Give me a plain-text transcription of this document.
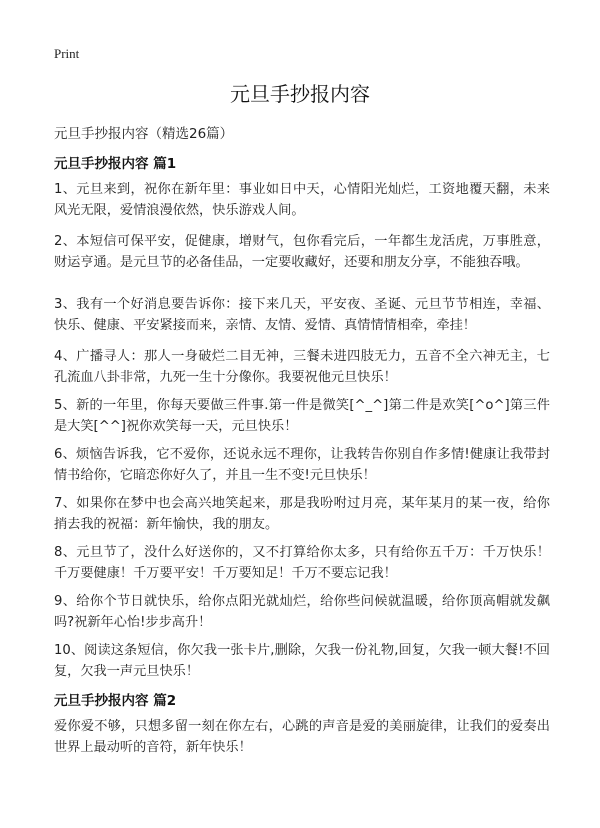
Print
元旦手抄报内容
元旦手抄报内容（精选26篇）
元旦手抄报内容 篇1

1、元旦来到，祝你在新年里：事业如日中天，心情阳光灿烂，工资地覆天翻，未来风光无限，爱情浪漫依然，快乐游戏人间。

2、本短信可保平安，促健康，增财气，包你看完后，一年都生龙活虎，万事胜意，财运亨通。是元旦节的必备佳品，一定要收藏好，还要和朋友分享，不能独吞哦。

3、我有一个好消息要告诉你：接下来几天，平安夜、圣诞、元旦节节相连，幸福、快乐、健康、平安紧接而来，亲情、友情、爱情、真情情情相牵，牵挂！

4、广播寻人：那人一身破烂二目无神，三餐未进四肢无力，五音不全六神无主，七孔流血八卦非常，九死一生十分像你。我要祝他元旦快乐！

5、新的一年里，你每天要做三件事.第一件是微笑[^_^]第二件是欢笑[^o^]第三件是大笑[^^]祝你欢笑每一天，元旦快乐！

6、烦恼告诉我，它不爱你，还说永远不理你，让我转告你别自作多情!健康让我带封情书给你，它暗恋你好久了，并且一生不变!元旦快乐！

7、如果你在梦中也会高兴地笑起来，那是我吩咐过月亮，某年某月的某一夜，给你捎去我的祝福：新年愉快，我的朋友。

8、元旦节了，没什么好送你的，又不打算给你太多，只有给你五千万：千万快乐！千万要健康！千万要平安！千万要知足！千万不要忘记我！

9、给你个节日就快乐，给你点阳光就灿烂，给你些问候就温暖，给你顶高帽就发飙吗?祝新年心怡!步步高升！

10、阅读这条短信，你欠我一张卡片,删除，欠我一份礼物,回复，欠我一顿大餐!不回复，欠我一声元旦快乐！

元旦手抄报内容 篇2

爱你爱不够，只想多留一刻在你左右，心跳的声音是爱的美丽旋律，让我们的爱奏出世界上最动听的音符，新年快乐！
